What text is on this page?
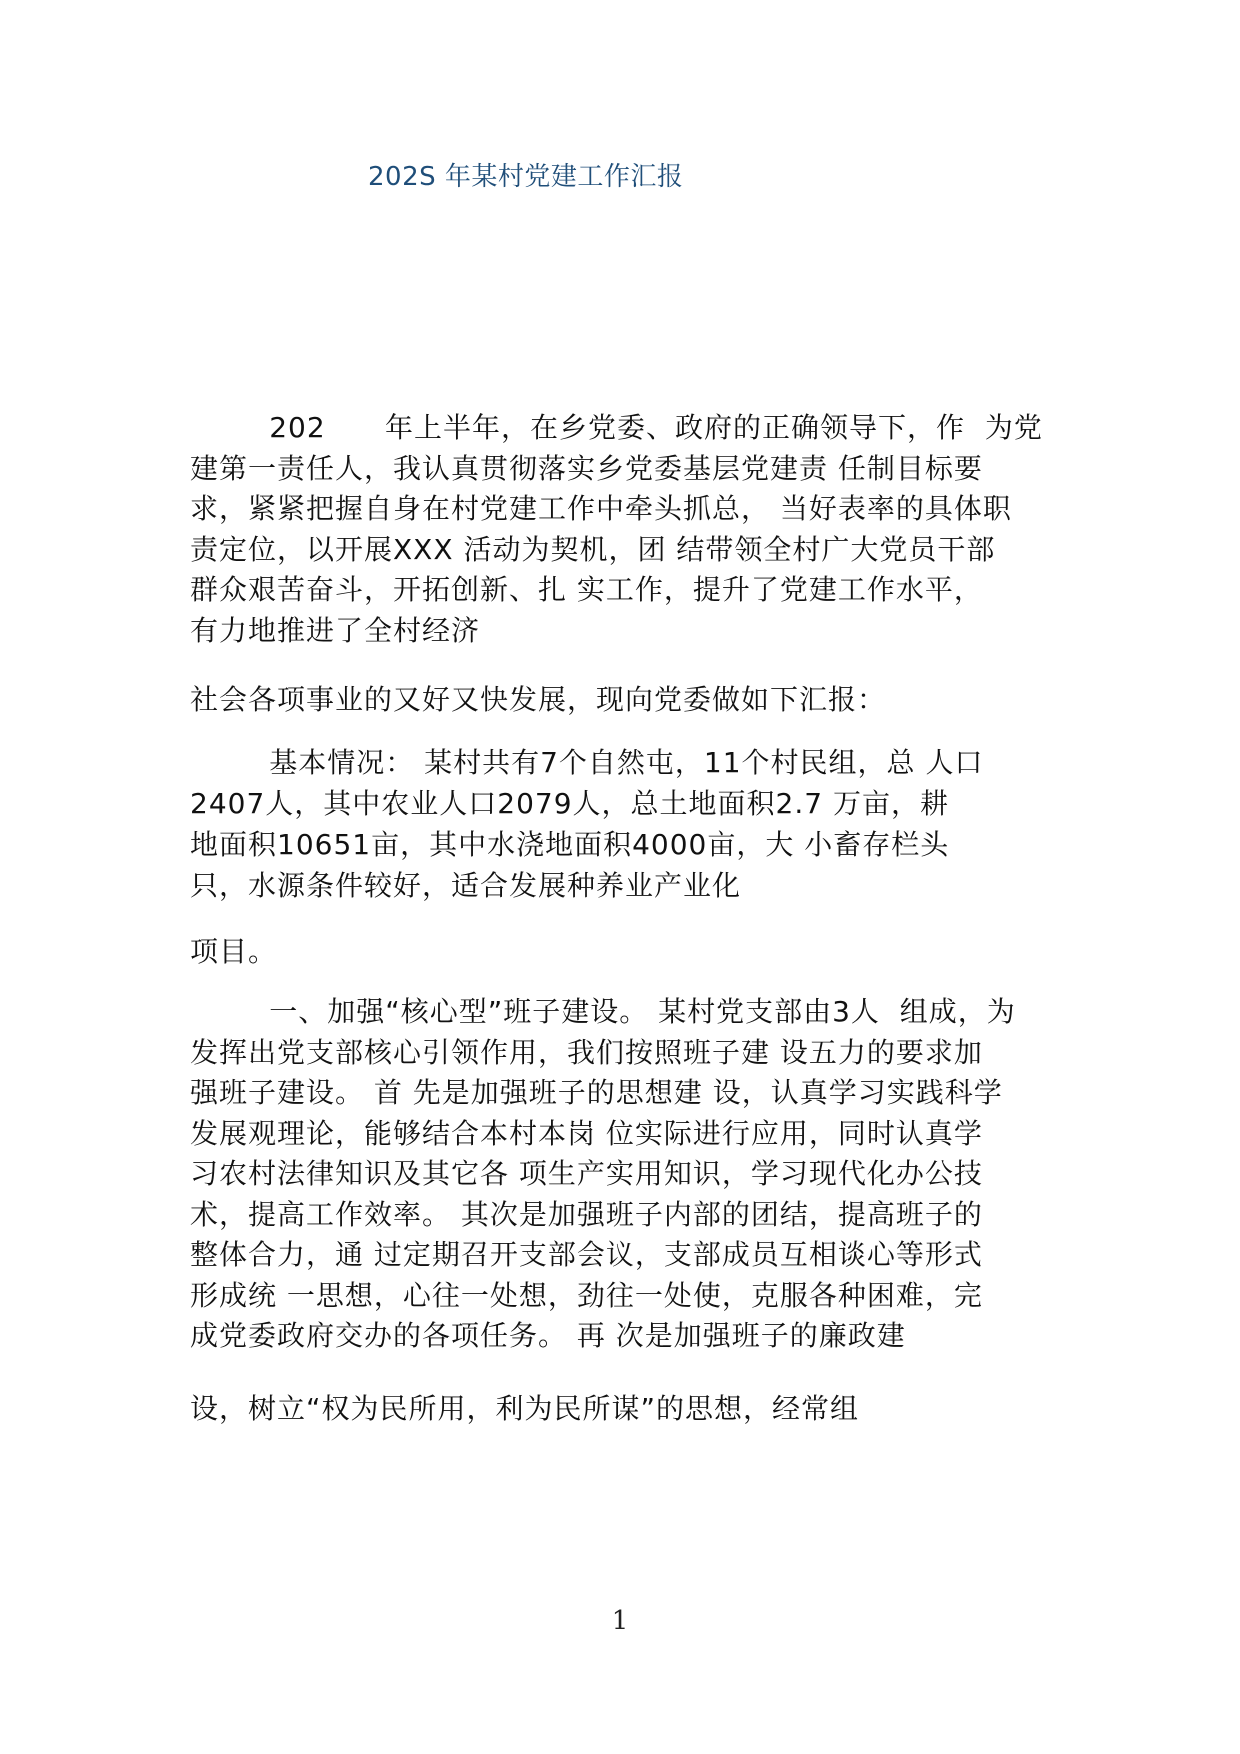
202S 年某村党建工作汇报
202      年上半年，在乡党委、政府的正确领导下，作  为党
建第一责任人，我认真贯彻落实乡党委基层党建责 任制目标要
求，紧紧把握自身在村党建工作中牵头抓总， 当好表率的具体职
责定位，以开展XXX 活动为契机，团 结带领全村广大党员干部
群众艰苦奋斗，开拓创新、扎 实工作，提升了党建工作水平，
有力地推进了全村经济
社会各项事业的又好又快发展，现向党委做如下汇报：
基本情况： 某村共有7个自然屯，11个村民组，总 人口
2407人，其中农业人口2079人，总土地面积2.7 万亩，耕
地面积10651亩，其中水浇地面积4000亩，大 小畜存栏头
只，水源条件较好，适合发展种养业产业化
项目。
一、加强“核心型”班子建设。 某村党支部由3人  组成，为
发挥出党支部核心引领作用，我们按照班子建 设五力的要求加
强班子建设。 首 先是加强班子的思想建 设，认真学习实践科学
发展观理论，能够结合本村本岗 位实际进行应用，同时认真学
习农村法律知识及其它各 项生产实用知识，学习现代化办公技
术，提高工作效率。 其次是加强班子内部的团结，提高班子的
整体合力，通 过定期召开支部会议，支部成员互相谈心等形式
形成统 一思想，心往一处想，劲往一处使，克服各种困难，完
成党委政府交办的各项任务。 再 次是加强班子的廉政建
设，树立“权为民所用，利为民所谋”的思想，经常组
1
